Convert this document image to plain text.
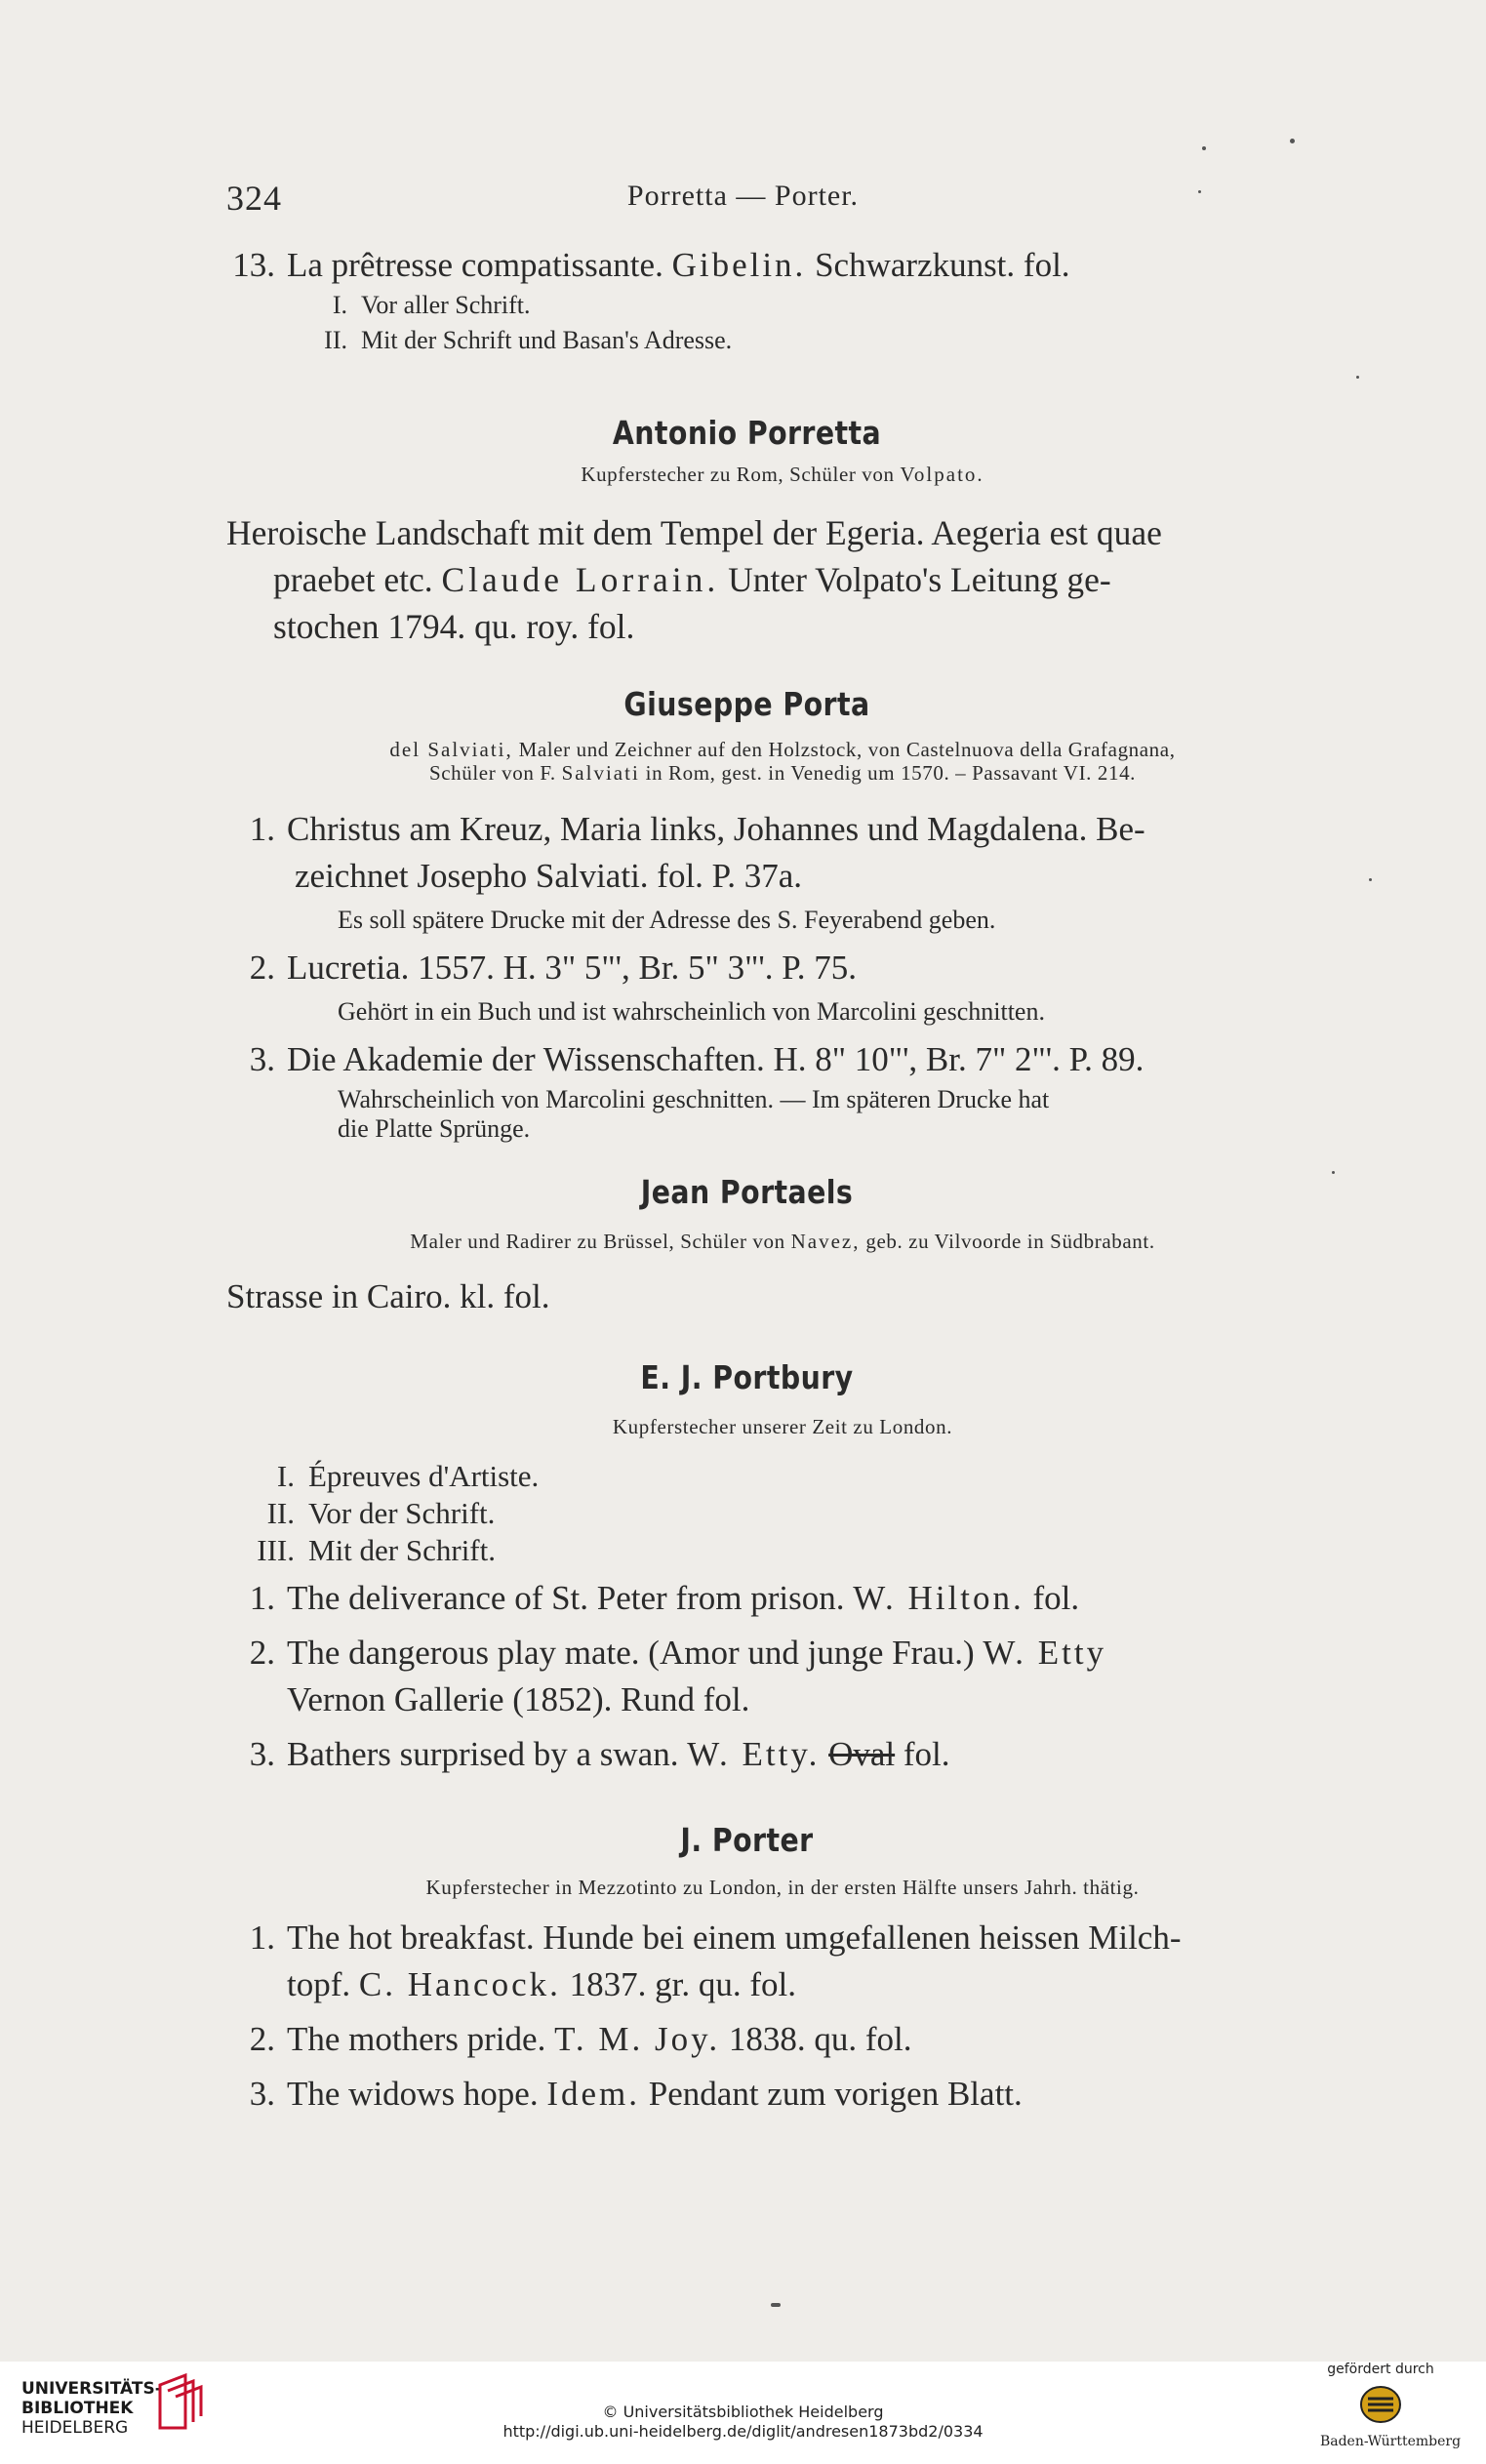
324	Porretta — Porter.
13. La prêtresse compatissante. Gibelin. Schwarzkunst. fol.
I. Vor aller Schrift.
II. Mit der Schrift und Basan's Adresse.
Antonio Porretta
Kupferstecher zu Rom, Schüler von Volpato.
Heroische Landschaft mit dem Tempel der Egeria. Aegeria est quae
praebet etc. Claude Lorrain. Unter Volpato's Leitung ge-
stochen 1794. qu. roy. fol.
Giuseppe Porta
del Salviati, Maler und Zeichner auf den Holzstock, von Castelnuova della Grafagnana,
Schüler von F. Salviati in Rom, gest. in Venedig um 1570. – Passavant VI. 214.
1. Christus am Kreuz, Maria links, Johannes und Magdalena. Be-
zeichnet Josepho Salviati. fol. P. 37a.
Es soll spätere Drucke mit der Adresse des S. Feyerabend geben.
2. Lucretia. 1557. H. 3" 5"', Br. 5" 3"'. P. 75.
Gehört in ein Buch und ist wahrscheinlich von Marcolini geschnitten.
3. Die Akademie der Wissenschaften. H. 8" 10"', Br. 7" 2"'. P. 89.
Wahrscheinlich von Marcolini geschnitten. — Im späteren Drucke hat
die Platte Sprünge.
Jean Portaels
Maler und Radirer zu Brüssel, Schüler von Navez, geb. zu Vilvoorde in Südbrabant.
Strasse in Cairo. kl. fol.
E. J. Portbury
Kupferstecher unserer Zeit zu London.
I. Épreuves d'Artiste.
II. Vor der Schrift.
III. Mit der Schrift.
1. The deliverance of St. Peter from prison. W. Hilton. fol.
2. The dangerous play mate. (Amor und junge Frau.) W. Etty
Vernon Gallerie (1852). Rund fol.
3. Bathers surprised by a swan. W. Etty. Oval fol.
J. Porter
Kupferstecher in Mezzotinto zu London, in der ersten Hälfte unsers Jahrh. thätig.
1. The hot breakfast. Hunde bei einem umgefallenen heissen Milch-
topf. C. Hancock. 1837. gr. qu. fol.
2. The mothers pride. T. M. Joy. 1838. qu. fol.
3. The widows hope. Idem. Pendant zum vorigen Blatt.
UNIVERSITÄTS-
BIBLIOTHEK
HEIDELBERG
© Universitätsbibliothek Heidelberg
http://digi.ub.uni-heidelberg.de/diglit/andresen1873bd2/0334
gefördert durch
Baden-Württemberg
